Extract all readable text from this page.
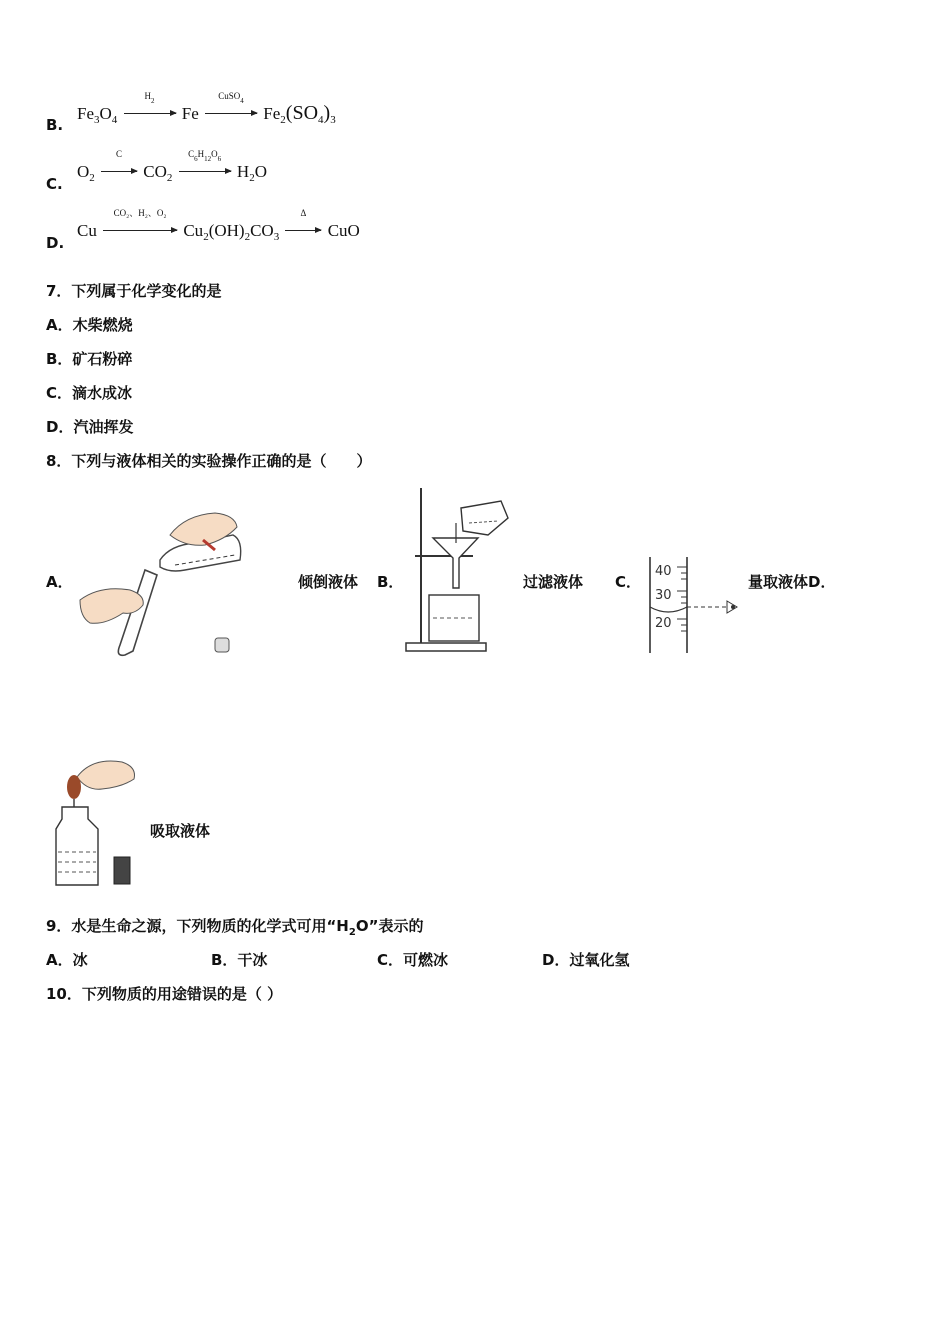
B.
$Fe_3O_4$
$H_2$
Fe
CuSO$_4$
$Fe_2(SO_4)_3$
C.
$O_2$
C
$CO_2$
$C_6H_{12}O_6$
$H_2O$
D.
Cu
CO₂、H₂、O₂
$Cu_2(OH)_2CO_3$
Δ
CuO
7．下列属于化学变化的是
A．木柴燃烧
B．矿石粉碎
C．滴水成冰
D．汽油挥发
8．下列与液体相关的实验操作正确的是（　　）
A．	倾倒液体 B．	过滤液体 C．
40
30
20
量取液体D．
吸取液体
9．水是生命之源，下列物质的化学式可用“$H_2O$”表示的
A．冰	B．干冰	C．可燃冰	D．过氧化氢
10．下列物质的用途错误的是（ ）
